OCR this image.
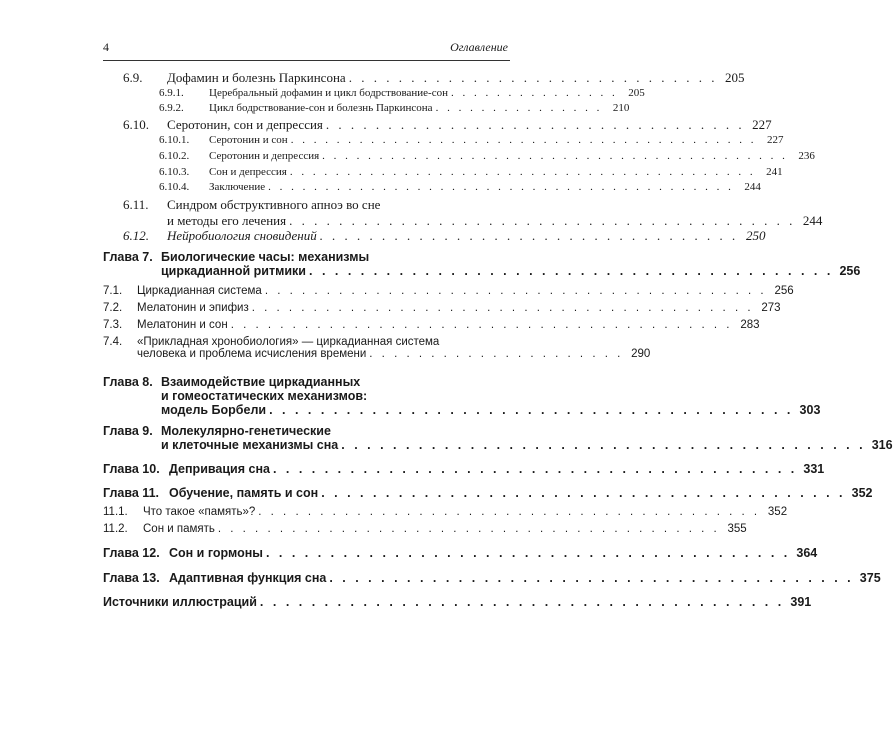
4	Оглавление
6.9.	Дофамин и болезнь Паркинсона . . . . . . . . . . . . . . . . . . . . . . . . . . . . . . 205
6.9.1.	Церебральный дофамин и цикл бодрствование-сон . . . . . . . . . . . . . . . 205
6.9.2.	Цикл бодрствование-сон и болезнь Паркинсона . . . . . . . . . . . . . . . 210
6.10.	Серотонин, сон и депрессия . . . . . . . . . . . . . . . . . . . . . . . . . . . . . . . . . . 227
6.10.1.	Серотонин и сон . . . . . . . . . . . . . . . . . . . . . . . . . . . . . . . . . . . . . . . . . 227
6.10.2.	Серотонин и депрессия . . . . . . . . . . . . . . . . . . . . . . . . . . . . . . . . . . . . . . . . . 236
6.10.3.	Сон и депрессия . . . . . . . . . . . . . . . . . . . . . . . . . . . . . . . . . . . . . . . . . 241
6.10.4.	Заключение . . . . . . . . . . . . . . . . . . . . . . . . . . . . . . . . . . . . . . . . . 244
6.11.	Синдром обструктивного апноэ во сне
и методы его лечения . . . . . . . . . . . . . . . . . . . . . . . . . . . . . . . . . . . . . . . . . 244
6.12.	Нейробиология сновидений . . . . . . . . . . . . . . . . . . . . . . . . . . . . . . . . . . 250
Глава 7. Биологические часы: механизмы
циркадианной ритмики . . . . . . . . . . . . . . . . . . . . . . . . . . . . . . . . . . . . . . . . . 256
7.1.	Циркадианная система . . . . . . . . . . . . . . . . . . . . . . . . . . . . . . . . . . . . . . . . . 256
7.2.	Мелатонин и эпифиз . . . . . . . . . . . . . . . . . . . . . . . . . . . . . . . . . . . . . . . . . 273
7.3.	Мелатонин и сон . . . . . . . . . . . . . . . . . . . . . . . . . . . . . . . . . . . . . . . . . 283
7.4.	«Прикладная хронобиология» — циркадианная система
человека и проблема исчисления времени . . . . . . . . . . . . . . . . . . . . . 290
Глава 8. Взаимодействие циркадианных
и гомеостатических механизмов:
модель Борбели . . . . . . . . . . . . . . . . . . . . . . . . . . . . . . . . . . . . . . . . . 303
Глава 9. Молекулярно-генетические
и клеточные механизмы сна . . . . . . . . . . . . . . . . . . . . . . . . . . . . . . . . . . . . . . . . . 316
Глава 10. Депривация сна . . . . . . . . . . . . . . . . . . . . . . . . . . . . . . . . . . . . . . . . . 331
Глава 11. Обучение, память и сон . . . . . . . . . . . . . . . . . . . . . . . . . . . . . . . . . . . . . . . . . 352
11.1.	Что такое «память»? . . . . . . . . . . . . . . . . . . . . . . . . . . . . . . . . . . . . . . . . . 352
11.2.	Сон и память . . . . . . . . . . . . . . . . . . . . . . . . . . . . . . . . . . . . . . . . . 355
Глава 12. Сон и гормоны . . . . . . . . . . . . . . . . . . . . . . . . . . . . . . . . . . . . . . . . . 364
Глава 13. Адаптивная функция сна . . . . . . . . . . . . . . . . . . . . . . . . . . . . . . . . . . . . . . . . . 375
Источники иллюстраций . . . . . . . . . . . . . . . . . . . . . . . . . . . . . . . . . . . . . . . . . 391
